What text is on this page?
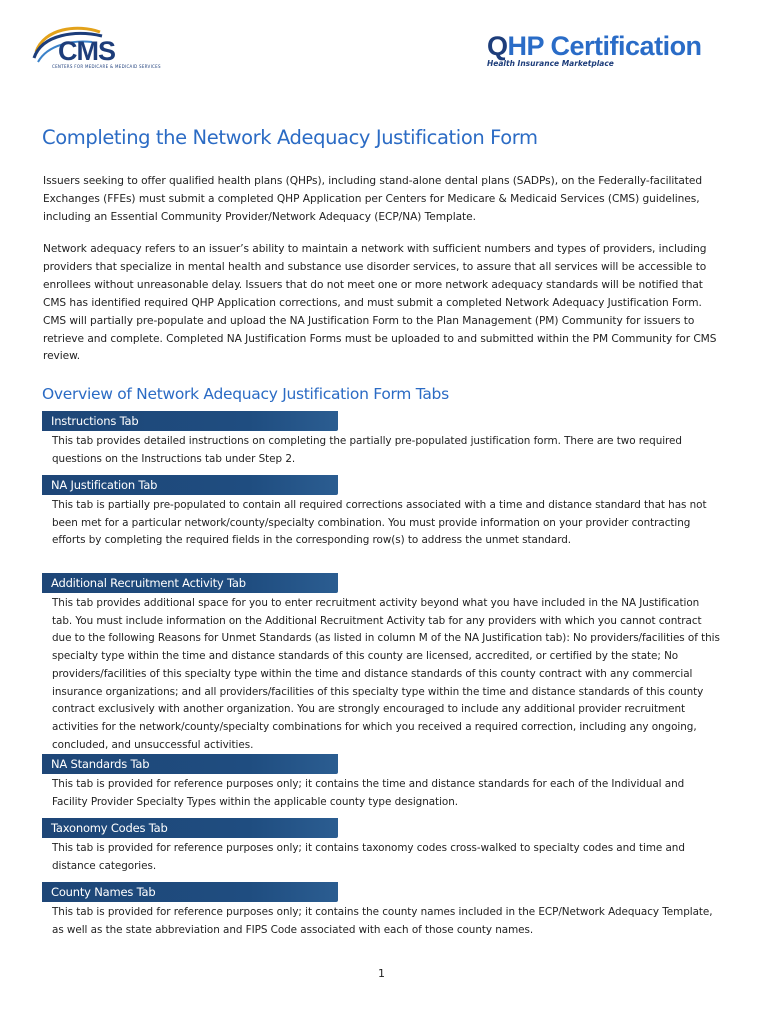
CMS
CENTERS FOR MEDICARE & MEDICAID SERVICES
QHP Certification
Health Insurance Marketplace
Completing the Network Adequacy Justification Form

Issuers seeking to offer qualified health plans (QHPs), including stand-alone dental plans (SADPs), on the Federally-facilitated Exchanges (FFEs) must submit a completed QHP Application per Centers for Medicare & Medicaid Services (CMS) guidelines, including an Essential Community Provider/Network Adequacy (ECP/NA) Template.

Network adequacy refers to an issuer’s ability to maintain a network with sufficient numbers and types of providers, including providers that specialize in mental health and substance use disorder services, to assure that all services will be accessible to enrollees without unreasonable delay. Issuers that do not meet one or more network adequacy standards will be notified that CMS has identified required QHP Application corrections, and must submit a completed Network Adequacy Justification Form. CMS will partially pre-populate and upload the NA Justification Form to the Plan Management (PM) Community for issuers to retrieve and complete. Completed NA Justification Forms must be uploaded to and submitted within the PM Community for CMS review.

Overview of Network Adequacy Justification Form Tabs
Instructions Tab

This tab provides detailed instructions on completing the partially pre-populated justification form. There are two required questions on the Instructions tab under Step 2.

NA Justification Tab

This tab is partially pre-populated to contain all required corrections associated with a time and distance standard that has not been met for a particular network/county/specialty combination. You must provide information on your provider contracting efforts by completing the required fields in the corresponding row(s) to address the unmet standard.

Additional Recruitment Activity Tab

This tab provides additional space for you to enter recruitment activity beyond what you have included in the NA Justification tab. You must include information on the Additional Recruitment Activity tab for any providers with which you cannot contract due to the following Reasons for Unmet Standards (as listed in column M of the NA Justification tab): No providers/facilities of this specialty type within the time and distance standards of this county are licensed, accredited, or certified by the state; No providers/facilities of this specialty type within the time and distance standards of this county contract with any commercial insurance organizations; and all providers/facilities of this specialty type within the time and distance standards of this county contract exclusively with another organization. You are strongly encouraged to include any additional provider recruitment activities for the network/county/specialty combinations for which you received a required correction, including any ongoing, concluded, and unsuccessful activities.

NA Standards Tab

This tab is provided for reference purposes only; it contains the time and distance standards for each of the Individual and Facility Provider Specialty Types within the applicable county type designation.

Taxonomy Codes Tab

This tab is provided for reference purposes only; it contains taxonomy codes cross-walked to specialty codes and time and distance categories.

County Names Tab

This tab is provided for reference purposes only; it contains the county names included in the ECP/Network Adequacy Template, as well as the state abbreviation and FIPS Code associated with each of those county names.

1
